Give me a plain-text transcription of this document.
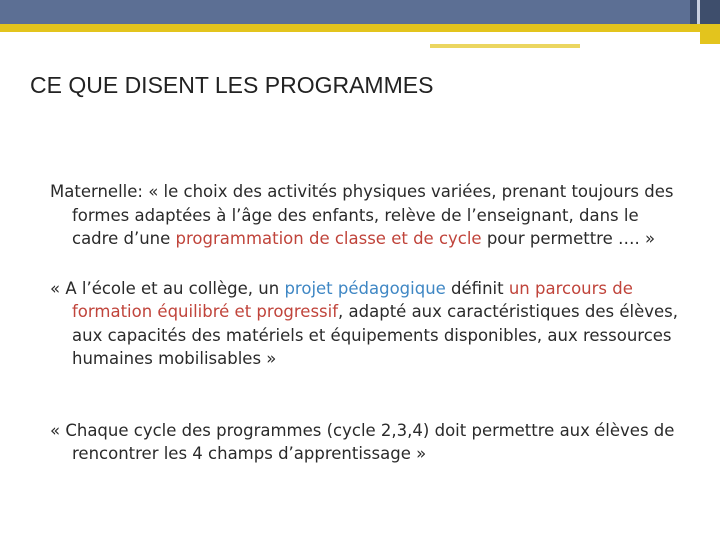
CE QUE DISENT LES PROGRAMMES

Maternelle: « le choix des activités physiques variées, prenant toujours des formes adaptées à l’âge des enfants, relève de l’enseignant, dans le cadre d’une programmation de classe et de cycle pour permettre …. »

« A l’école et au collège, un projet pédagogique définit un parcours de formation équilibré et progressif, adapté aux caractéristiques des élèves, aux capacités des matériels et équipements disponibles, aux ressources humaines mobilisables »

« Chaque cycle des programmes (cycle 2,3,4) doit permettre aux élèves de rencontrer les 4 champs d’apprentissage »
